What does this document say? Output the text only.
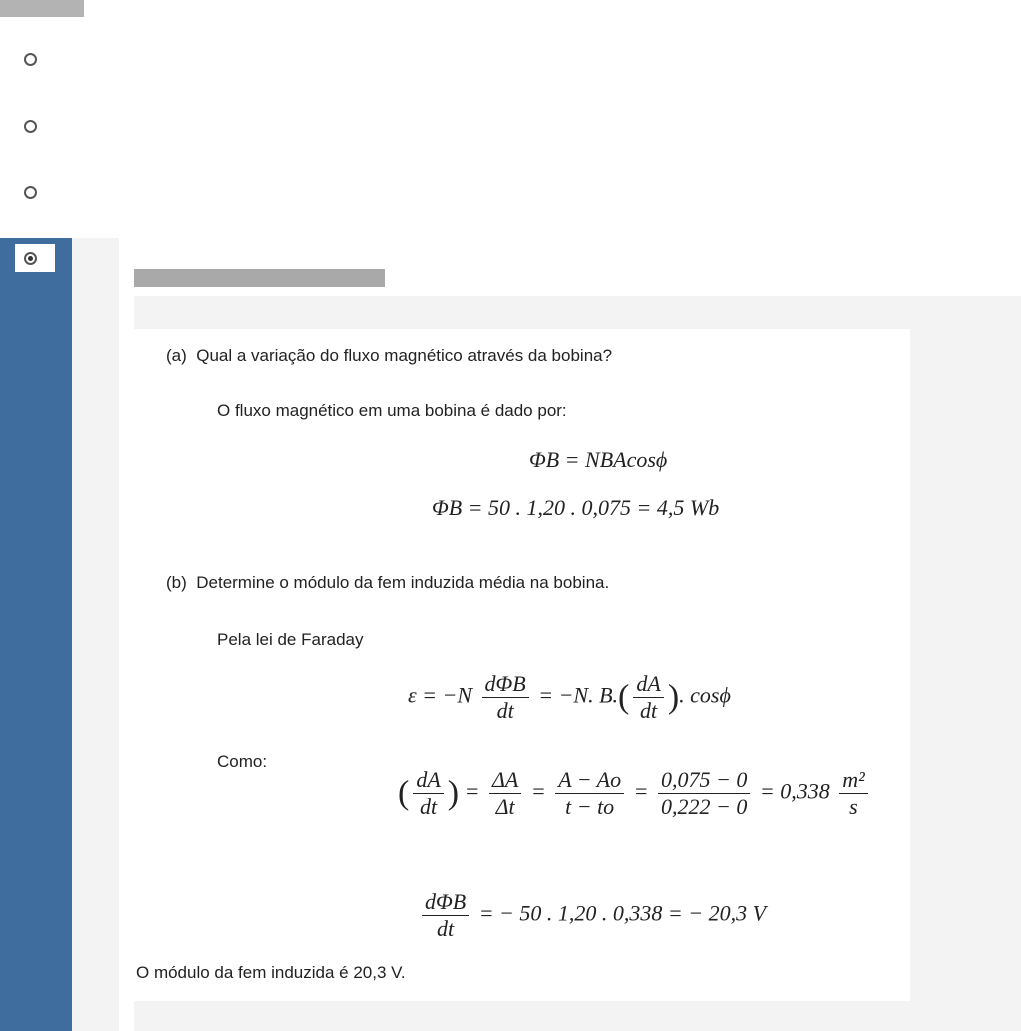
(a) Qual a variação do fluxo magnético através da bobina?
O fluxo magnético em uma bobina é dado por:
ΦB = NBAcosϕ
ΦB = 50 . 1,20 . 0,075 = 4,5 Wb
(b) Determine o módulo da fem induzida média na bobina.
Pela lei de Faraday
$\varepsilon = -N \frac{\text{dΦB}}{dt} = -N$. $B.( \frac{dA}{dt}$ ). cosϕ
Como:
( $\frac{dA}{dt}$ ) = $\frac{\Delta A}{\Delta t} = \frac{A - Ao}{t - to} = \frac{0,075 - 0}{0,222 - 0} = 0,338 \frac{\text{m²}}{s}$
$\frac{\text{dΦB}}{dt}$ = − 50 . 1,20 . 0,338 = − 20,3 V
O módulo da fem induzida é 20,3 V.
